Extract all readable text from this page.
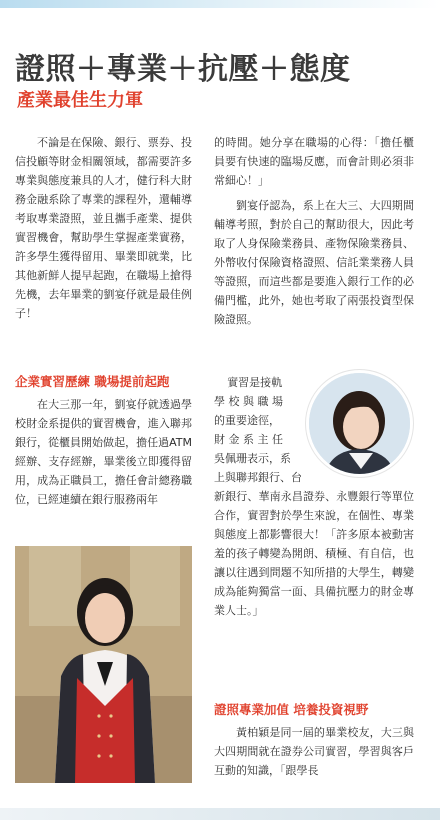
證照＋專業＋抗壓＋態度
產業最佳生力軍
不論是在保險、銀行、票券、投信投顧等財金相關領域，都需要許多專業與態度兼具的人才，健行科大財務金融系除了專業的課程外，還輔導考取專業證照，並且攜手產業、提供實習機會，幫助學生掌握產業實務，許多學生獲得留用、畢業即就業，比其他新鮮人提早起跑，在職場上搶得先機，去年畢業的劉宴伃就是最佳例子！
企業實習歷練 職場提前起跑
在大三那一年，劉宴伃就透過學校財金系提供的實習機會，進入聯邦銀行，從櫃員開始做起，擔任過ATM經辦、支存經辦，畢業後立即獲得留用，成為正職員工，擔任會計總務職位，已經連續在銀行服務兩年
的時間。她分享在職場的心得：「擔任櫃員要有快速的臨場反應，而會計則必須非常細心！」
劉宴伃認為，系上在大三、大四期間輔導考照，對於自己的幫助很大，因此考取了人身保險業務員、產物保險業務員、外幣收付保險資格證照、信託業業務人員等證照，而這些都是要進入銀行工作的必備門檻，此外，她也考取了兩張投資型保險證照。
實習是接軌
學 校 與 職 場
的重要途徑，
財 金 系 主 任
吳佩珊表示，系
上與聯邦銀行、台
新銀行、華南永昌證券、永豐銀行等單位合作，實習對於學生來說，在個性、專業與態度上都影響很大！「許多原本被動害羞的孩子轉變為開朗、積極、有自信，也讓以往遇到問題不知所措的大學生，轉變成為能夠獨當一面、具備抗壓力的財金專業人士。」
證照專業加值 培養投資視野
黃柏穎是同一屆的畢業校友，大三與大四期間就在證券公司實習，學習與客戶互動的知識，「跟學長
